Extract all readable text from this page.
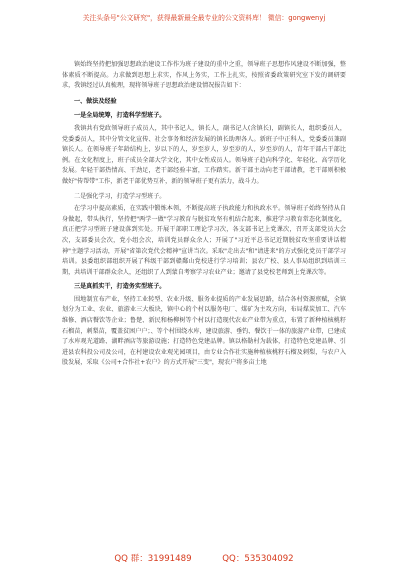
关注头条号"公文研究"，获得最新最全最专业的公文资料库！ 微信：gongwenyj

镇始终坚持把加强思想政治建设工作作为班子建设的重中之重，领导班子思想作风建设不断加强，整体素质不断提高。力求做到思想上求实，作风上务实，工作上扎实，按照省委政策研究室下发的调研要求，我镇经过认真梳理，现将领导班子思想政治建设情况报告如下：

一、做法及经验
一是全局统筹，打造科学型班子。

我镇共有党政领导班子成员人，其中书记人，镇长人，副书记人(含镇长)，副镇长人，组织委员人，党委委员人，其中分管文化宣传、社会事务和经济发展的镇长助理各人。新班子中正科人，党委委员兼副镇长人。在领导班子年龄结构上，岁以下的人，岁至岁人，岁至岁的人，岁至岁的人，青年干部占干部比例。在文化程度上，班子成员全部大学文化，其中女性成员人。领导班子趋向科学化、年轻化、高学历化发展。年轻干部热情高、干劲足，老干部经验丰富，工作踏实。新干部主动向老干部请教，老干部则积极做好"传帮带"工作，新老干部优势互补，新的领导班子更有活力，战斗力。

二是强化学习，打造学习型班子。

在学习中提高素质，在实践中锻炼本领，不断提高班子执政能力和执政水平。领导班子始终坚持从自身做起，带头执行，坚持把"两学一做"学习教育与脱贫攻坚有机结合起来，推进学习教育常态化制度化，真正把学习型班子建设落到实处。开展干部职工理论学习次，各支部书记上党课次，召开支部党员大会次，支部委员会次，党小组会次，培训党员群众余人；开展了"习近平总书记近期脱贫攻坚重要讲话精神"主题学习活动，开展"省第次党代会精神"宣讲当次。采取"走出去"和"请进来"的方式强化党员干部学习培训。县委组织部组织开展了科级干部到赣鄱山党校进行学习培训；县农广校、县人事局组织到培训三期，共培训干部群众余人，还组织了人到蒙自考察学习农业产业；邀请了县党校老师到上党课次等。

三是真抓实干，打造务实型班子。

围地制宜布产业，坚持工业转型、农业升级、服务业提质的产业发展思路，结合各村资源禀赋，全镇划分为工业、农业、旅游业三大板块，镇中心的个村以服务电厂、煤矿为主攻方向，布局煤炭加工、汽车维修、酒店餐饮等企业；鲁楚、新民和杨柳树等个村以打造现代农业产业带为重点，布置了新种植核桃籽石榴苗，刺梨苗，覆盖贫困户户；、等个村围绕水库，建设旅游、垂钓、餐饮于一体的旅游产业带，已建成了水库观光道路、湖畔酒店等旅游设施；打造特色党建品牌。镇以格勒村为载体，打造特色党建品牌、引进县农科投公司及公司，在村建设农业观光园项目，由专业合作社实施种植核桃籽石榴及刺梨，与农户入股发展，采取《公司+合作社+农户》的方式开展"三变"，现农户将多亩土地

QQ 群：31991489	QQ：535304092
